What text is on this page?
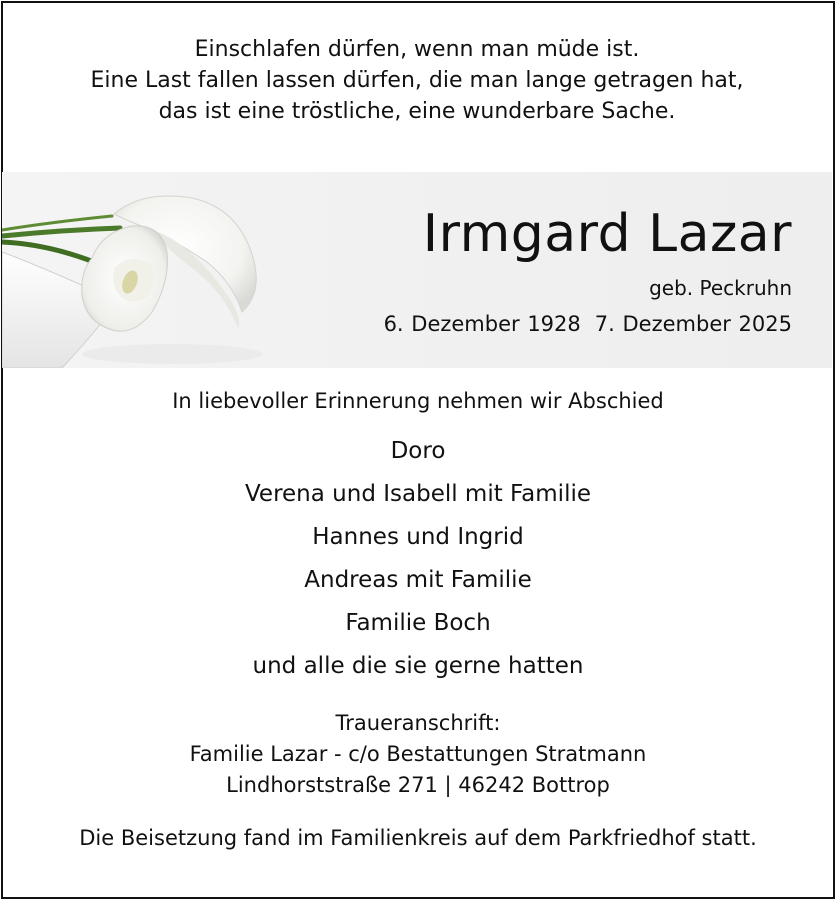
Einschlafen dürfen, wenn man müde ist.
Eine Last fallen lassen dürfen, die man lange getragen hat,
das ist eine tröstliche, eine wunderbare Sache.
Irmgard Lazar
geb. Peckruhn
6. Dezember 1928 7. Dezember 2025
In liebevoller Erinnerung nehmen wir Abschied
Doro
Verena und Isabell mit Familie
Hannes und Ingrid
Andreas mit Familie
Familie Boch
und alle die sie gerne hatten
Traueranschrift:
Familie Lazar - c/o Bestattungen Stratmann
Lindhorststraße 271 | 46242 Bottrop
Die Beisetzung fand im Familienkreis auf dem Parkfriedhof statt.
